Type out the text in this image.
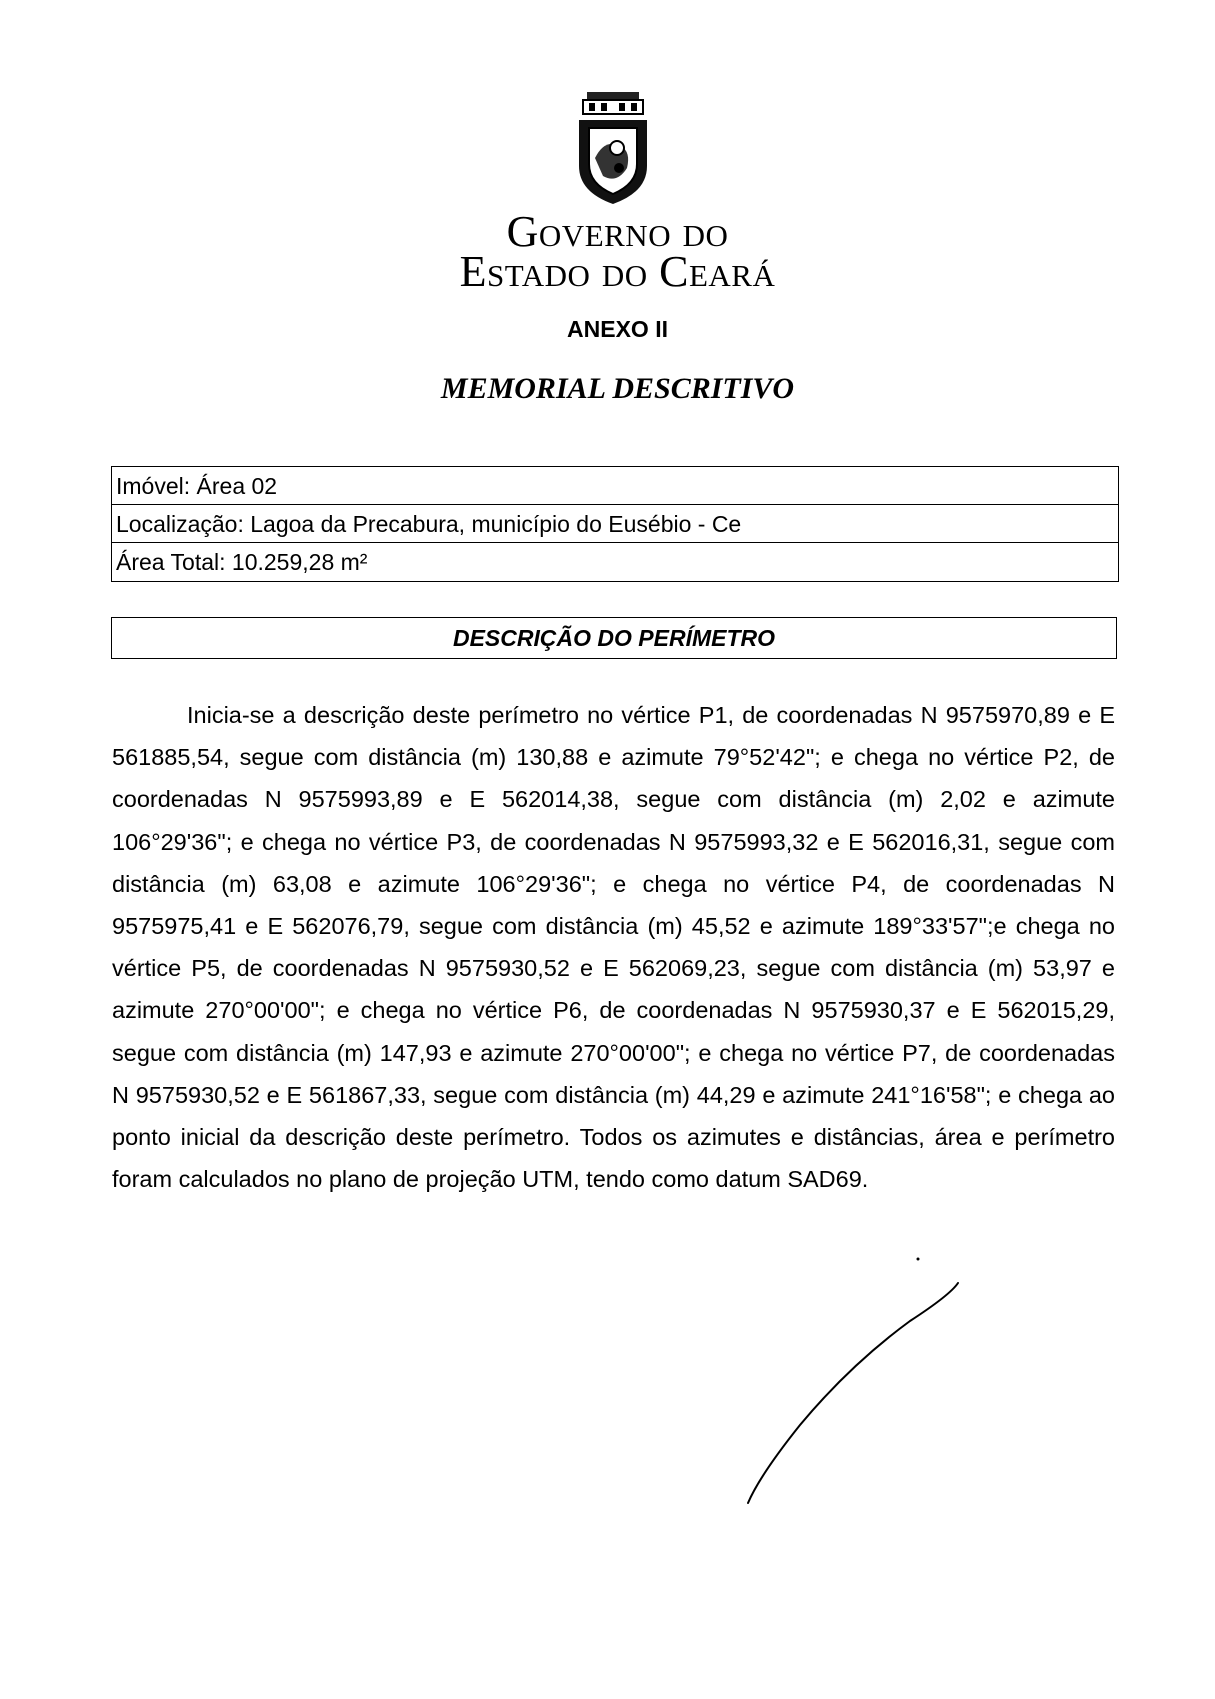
Governo do
Estado do Ceará
ANEXO II
MEMORIAL DESCRITIVO
Imóvel: Área 02
Localização: Lagoa da Precabura, município do Eusébio - Ce
Área Total: 10.259,28 m²
DESCRIÇÃO DO PERÍMETRO
Inicia-se a descrição deste perímetro no vértice P1, de coordenadas N 9575970,89 e E 561885,54, segue com distância (m) 130,88 e azimute 79°52'42"; e chega no vértice P2, de coordenadas N 9575993,89 e E 562014,38, segue com distância (m) 2,02 e azimute 106°29'36"; e chega no vértice P3, de coordenadas N 9575993,32 e E 562016,31, segue com distância (m) 63,08 e azimute 106°29'36"; e chega no vértice P4, de coordenadas N 9575975,41 e E 562076,79, segue com distância (m) 45,52 e azimute 189°33'57";e chega no vértice P5, de coordenadas N 9575930,52 e E 562069,23, segue com distância (m) 53,97 e azimute 270°00'00"; e chega no vértice P6, de coordenadas N 9575930,37 e E 562015,29, segue com distância (m) 147,93 e azimute 270°00'00"; e chega no vértice P7, de coordenadas N 9575930,52 e E 561867,33, segue com distância (m) 44,29 e azimute 241°16'58"; e chega ao ponto inicial da descrição deste perímetro. Todos os azimutes e distâncias, área e perímetro foram calculados no plano de projeção UTM, tendo como datum SAD69.
